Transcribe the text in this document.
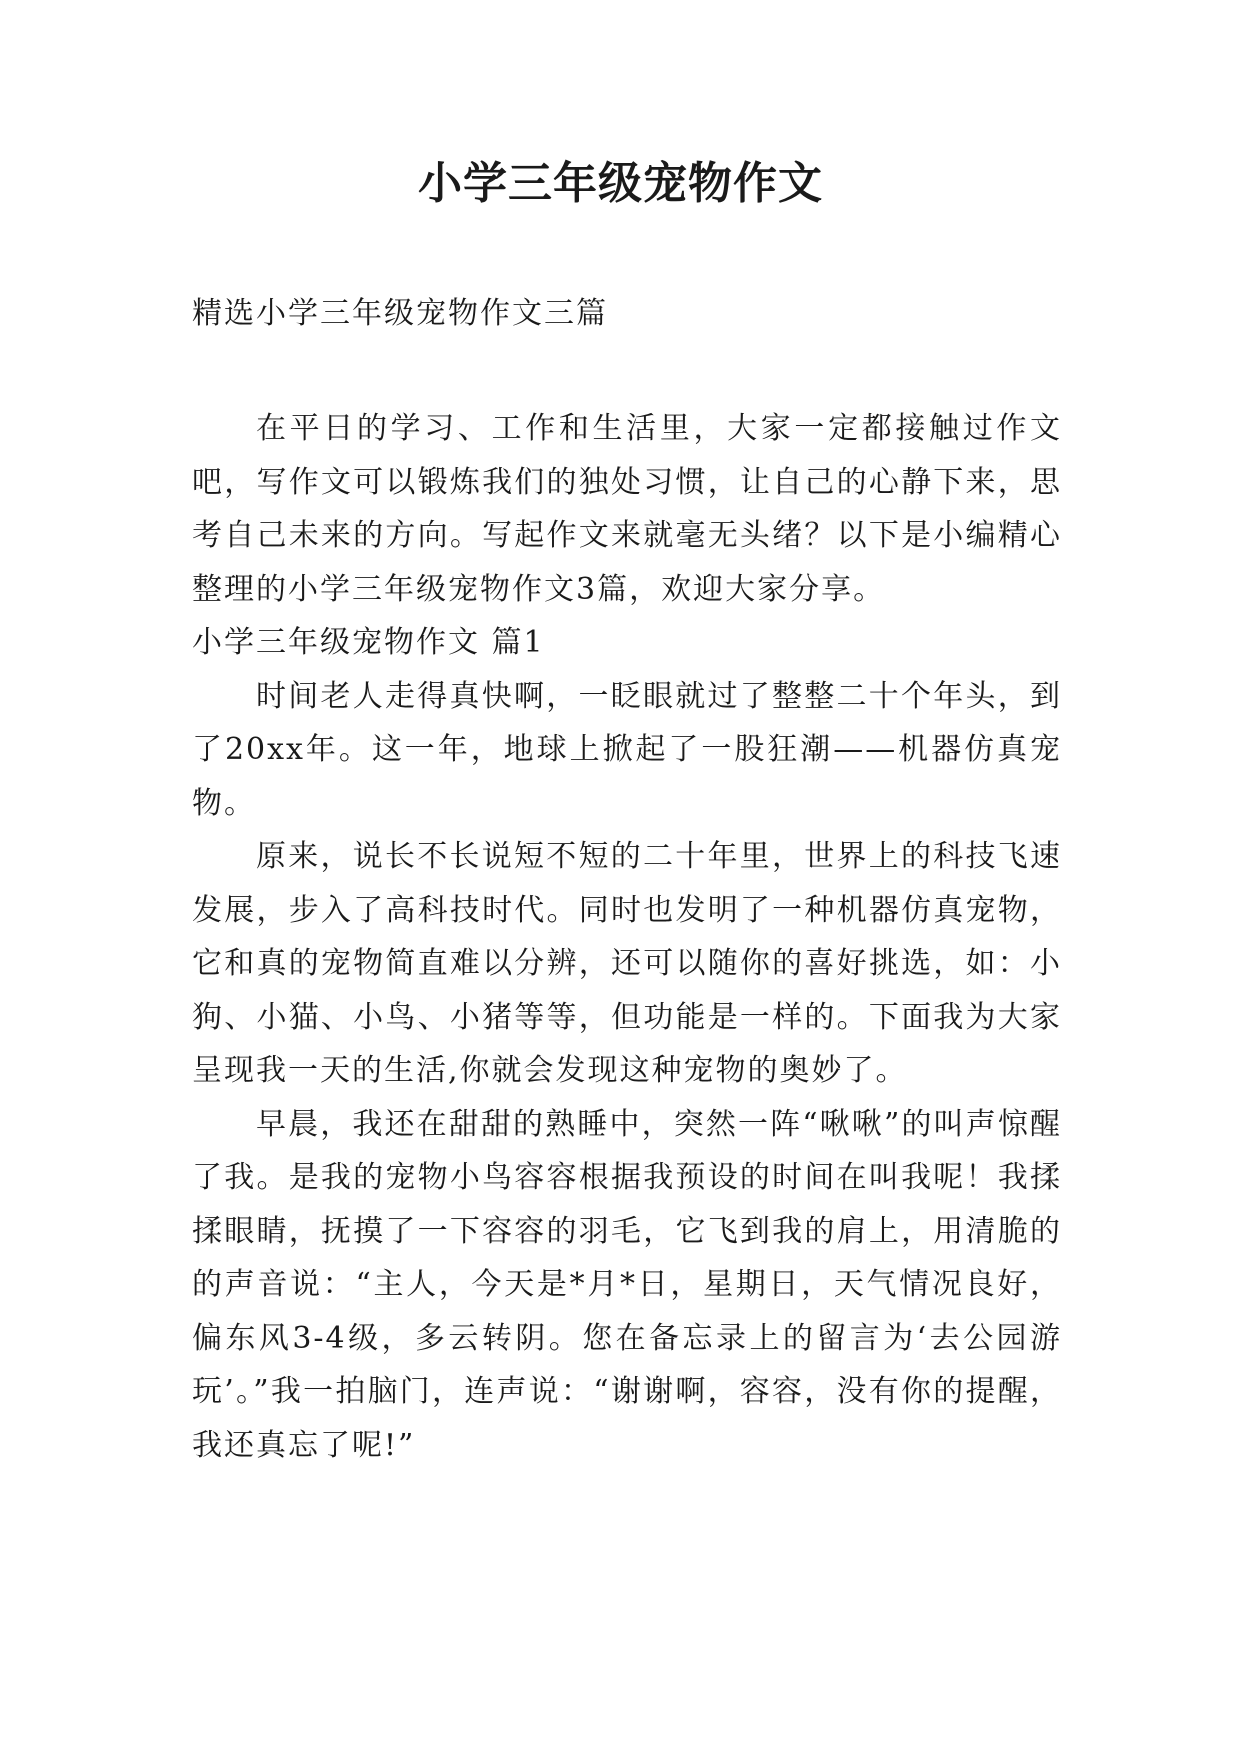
小学三年级宠物作文
精选小学三年级宠物作文三篇

在平日的学习、工作和生活里，大家一定都接触过作文吧，写作文可以锻炼我们的独处习惯，让自己的心静下来，思考自己未来的方向。写起作文来就毫无头绪？以下是小编精心整理的小学三年级宠物作文3篇，欢迎大家分享。

小学三年级宠物作文 篇1

时间老人走得真快啊，一眨眼就过了整整二十个年头，到了20xx年。这一年，地球上掀起了一股狂潮——机器仿真宠物。

原来，说长不长说短不短的二十年里，世界上的科技飞速发展，步入了高科技时代。同时也发明了一种机器仿真宠物，它和真的宠物简直难以分辨，还可以随你的喜好挑选，如：小狗、小猫、小鸟、小猪等等，但功能是一样的。下面我为大家呈现我一天的生活,你就会发现这种宠物的奥妙了。

早晨，我还在甜甜的熟睡中，突然一阵“啾啾”的叫声惊醒了我。是我的宠物小鸟容容根据我预设的时间在叫我呢！我揉揉眼睛，抚摸了一下容容的羽毛，它飞到我的肩上，用清脆的的声音说：“主人，今天是*月*日，星期日，天气情况良好，偏东风3-4级，多云转阴。您在备忘录上的留言为‘去公园游玩’。”我一拍脑门，连声说：“谢谢啊，容容，没有你的提醒，我还真忘了呢!”
